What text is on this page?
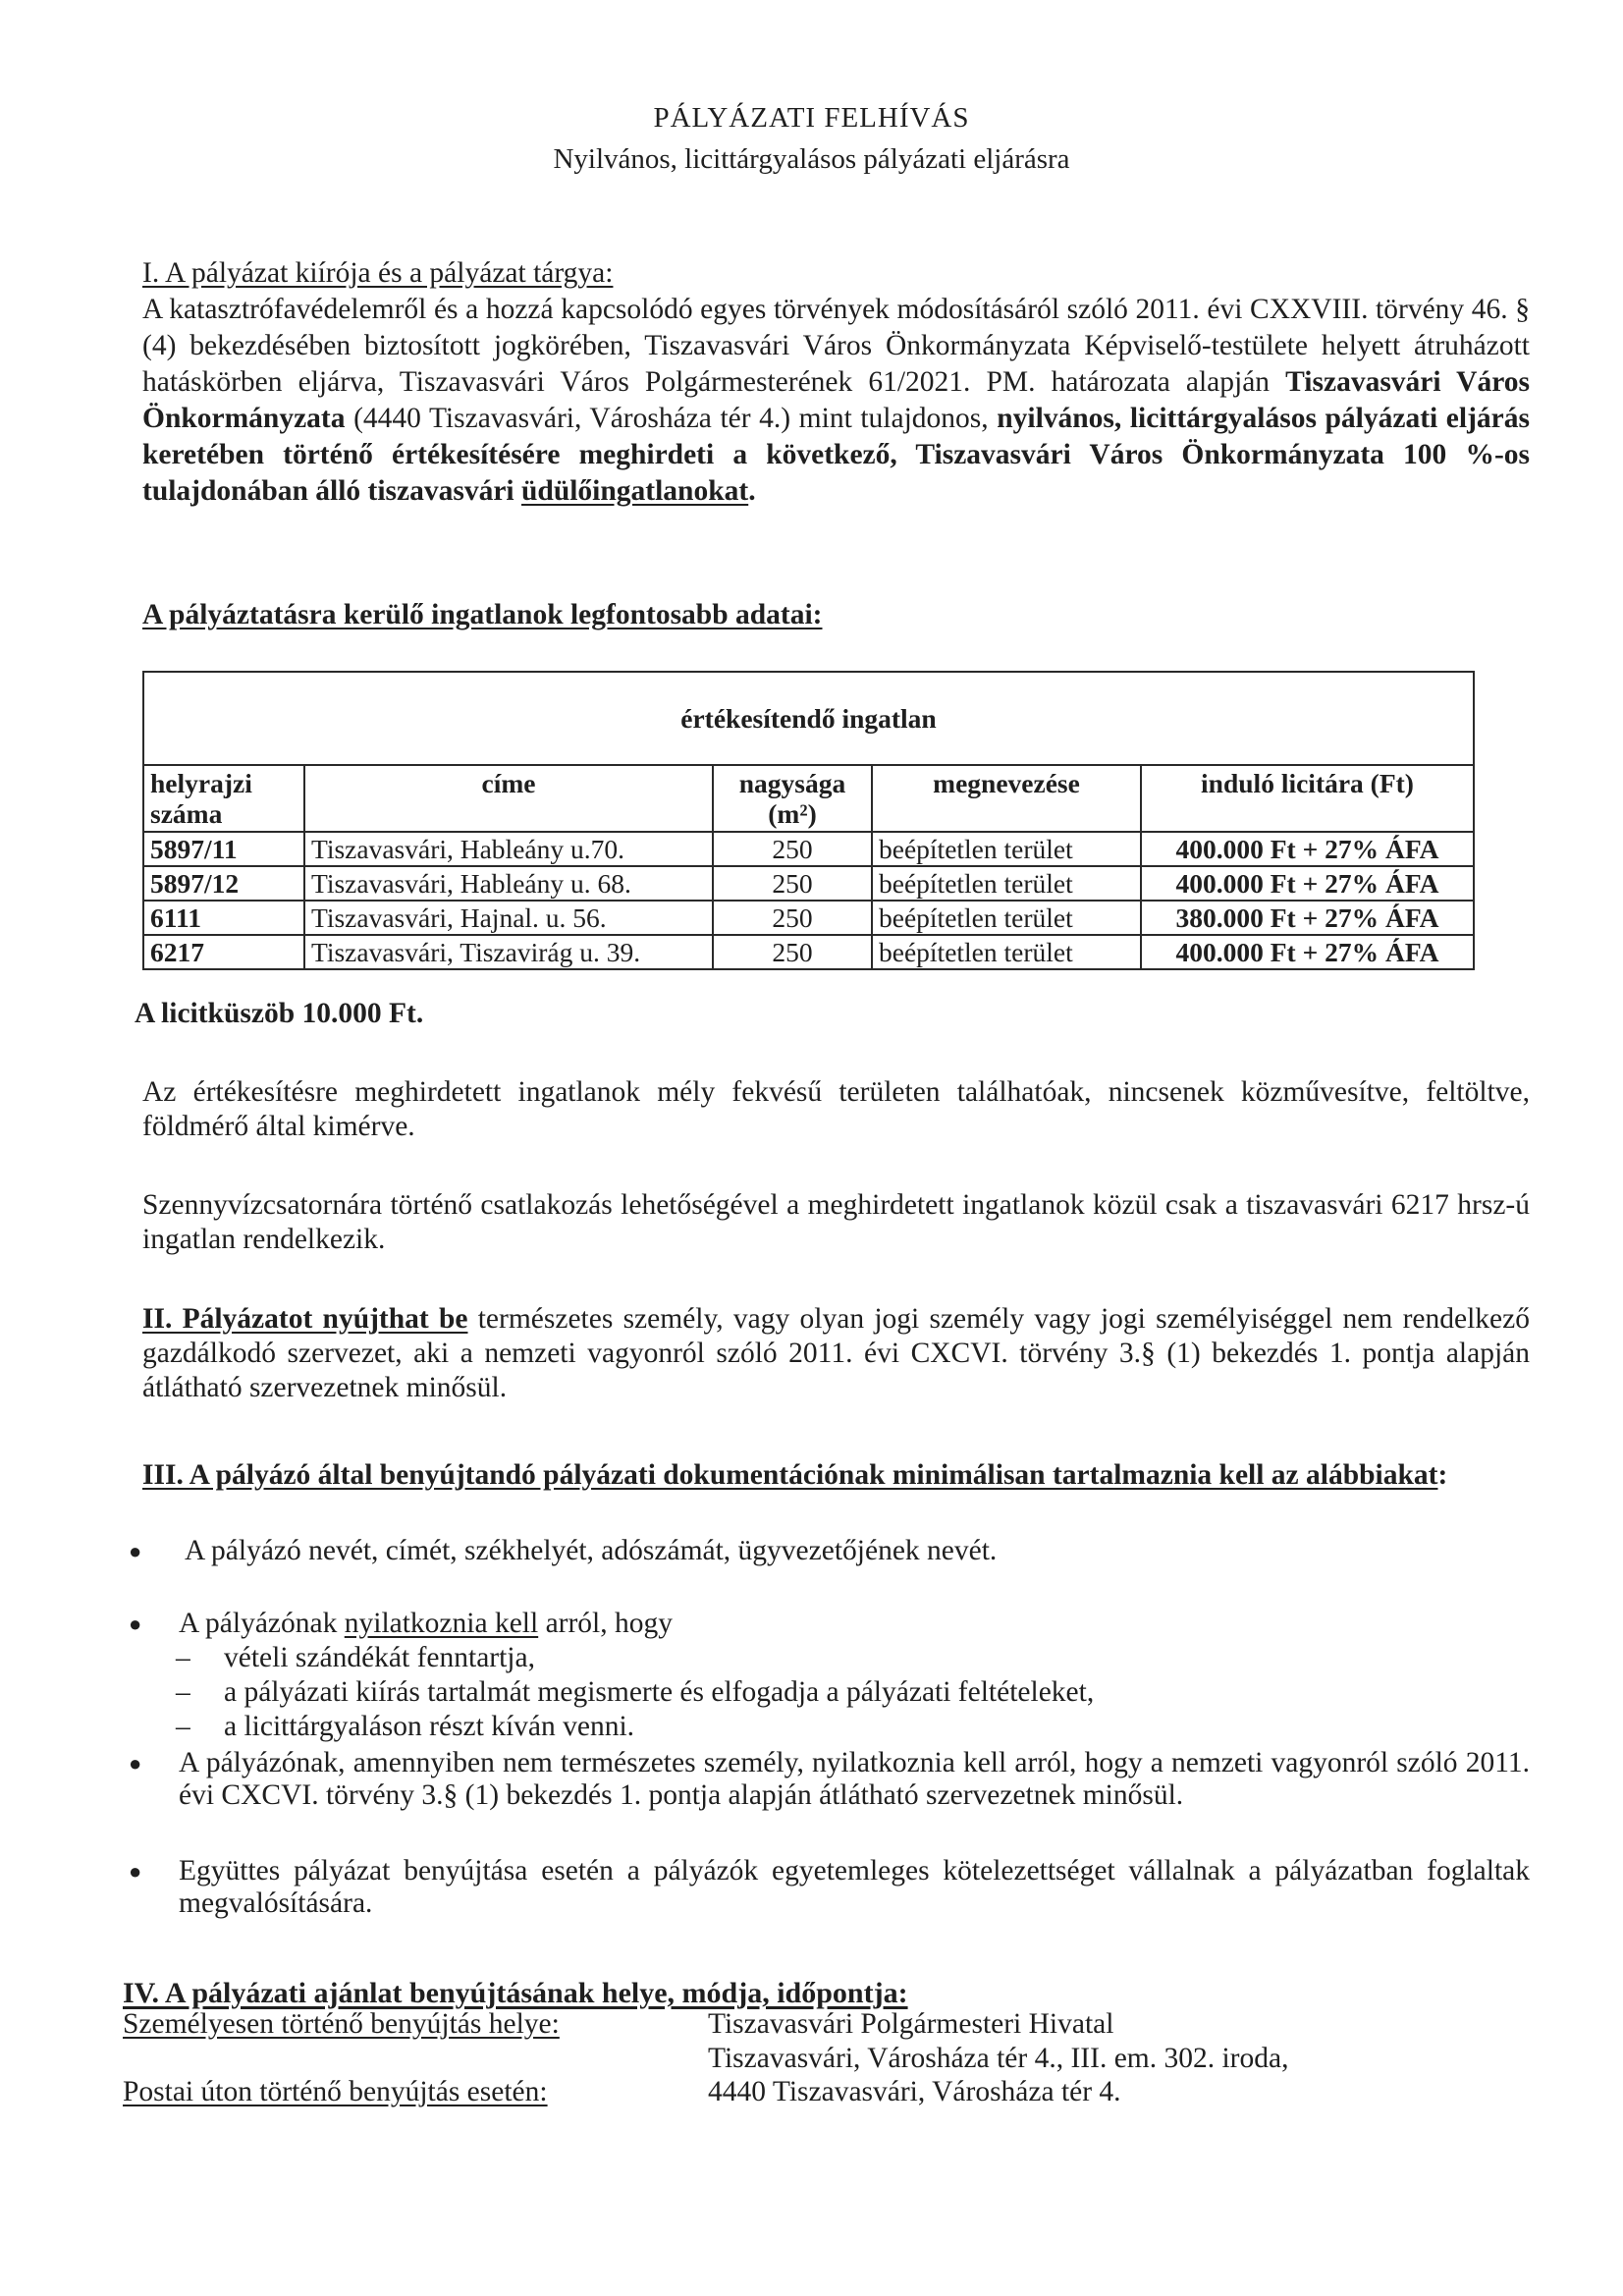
PÁLYÁZATI FELHÍVÁS
Nyilvános, licittárgyalásos pályázati eljárásra
I. A pályázat kiírója és a pályázat tárgya:
A katasztrófavédelemről és a hozzá kapcsolódó egyes törvények módosításáról szóló 2011. évi CXXVIII. törvény 46. § (4) bekezdésében biztosított jogkörében, Tiszavasvári Város Önkormányzata Képviselő-testülete helyett átruházott hatáskörben eljárva, Tiszavasvári Város Polgármesterének 61/2021. PM. határozata alapján Tiszavasvári Város Önkormányzata (4440 Tiszavasvári, Városháza tér 4.) mint tulajdonos, nyilvános, licittárgyalásos pályázati eljárás keretében történő értékesítésére meghirdeti a következő, Tiszavasvári Város Önkormányzata 100 %-os tulajdonában álló tiszavasvári üdülőingatlanokat.
A pályáztatásra kerülő ingatlanok legfontosabb adatai:
értékesítendő ingatlan				
helyrajzi száma	címe	nagysága (m²)	megnevezése	induló licitára (Ft)
5897/11	Tiszavasvári, Hableány u.70.	250	beépítetlen terület	400.000 Ft + 27% ÁFA
5897/12	Tiszavasvári, Hableány u. 68.	250	beépítetlen terület	400.000 Ft + 27% ÁFA
6111	Tiszavasvári, Hajnal. u. 56.	250	beépítetlen terület	380.000 Ft + 27% ÁFA
6217	Tiszavasvári, Tiszavirág u. 39.	250	beépítetlen terület	400.000 Ft + 27% ÁFA
A licitküszöb 10.000 Ft.
Az értékesítésre meghirdetett ingatlanok mély fekvésű területen találhatóak, nincsenek közművesítve, feltöltve, földmérő által kimérve.
Szennyvízcsatornára történő csatlakozás lehetőségével a meghirdetett ingatlanok közül csak a tiszavasvári 6217 hrsz-ú ingatlan rendelkezik.
II. Pályázatot nyújthat be természetes személy, vagy olyan jogi személy vagy jogi személyiséggel nem rendelkező gazdálkodó szervezet, aki a nemzeti vagyonról szóló 2011. évi CXCVI. törvény 3.§ (1) bekezdés 1. pontja alapján átlátható szervezetnek minősül.
III. A pályázó által benyújtandó pályázati dokumentációnak minimálisan tartalmaznia kell az alábbiakat:
● A pályázó nevét, címét, székhelyét, adószámát, ügyvezetőjének nevét.
● A pályázónak nyilatkoznia kell arról, hogy
– vételi szándékát fenntartja,
– a pályázati kiírás tartalmát megismerte és elfogadja a pályázati feltételeket,
– a licittárgyaláson részt kíván venni.
● A pályázónak, amennyiben nem természetes személy, nyilatkoznia kell arról, hogy a nemzeti vagyonról szóló 2011. évi CXCVI. törvény 3.§ (1) bekezdés 1. pontja alapján átlátható szervezetnek minősül.
● Együttes pályázat benyújtása esetén a pályázók egyetemleges kötelezettséget vállalnak a pályázatban foglaltak megvalósítására.
IV. A pályázati ajánlat benyújtásának helye, módja, időpontja:
Személyesen történő benyújtás helye:	Tiszavasvári Polgármesteri Hivatal
Tiszavasvári, Városháza tér 4., III. em. 302. iroda,
Postai úton történő benyújtás esetén:	4440 Tiszavasvári, Városháza tér 4.
